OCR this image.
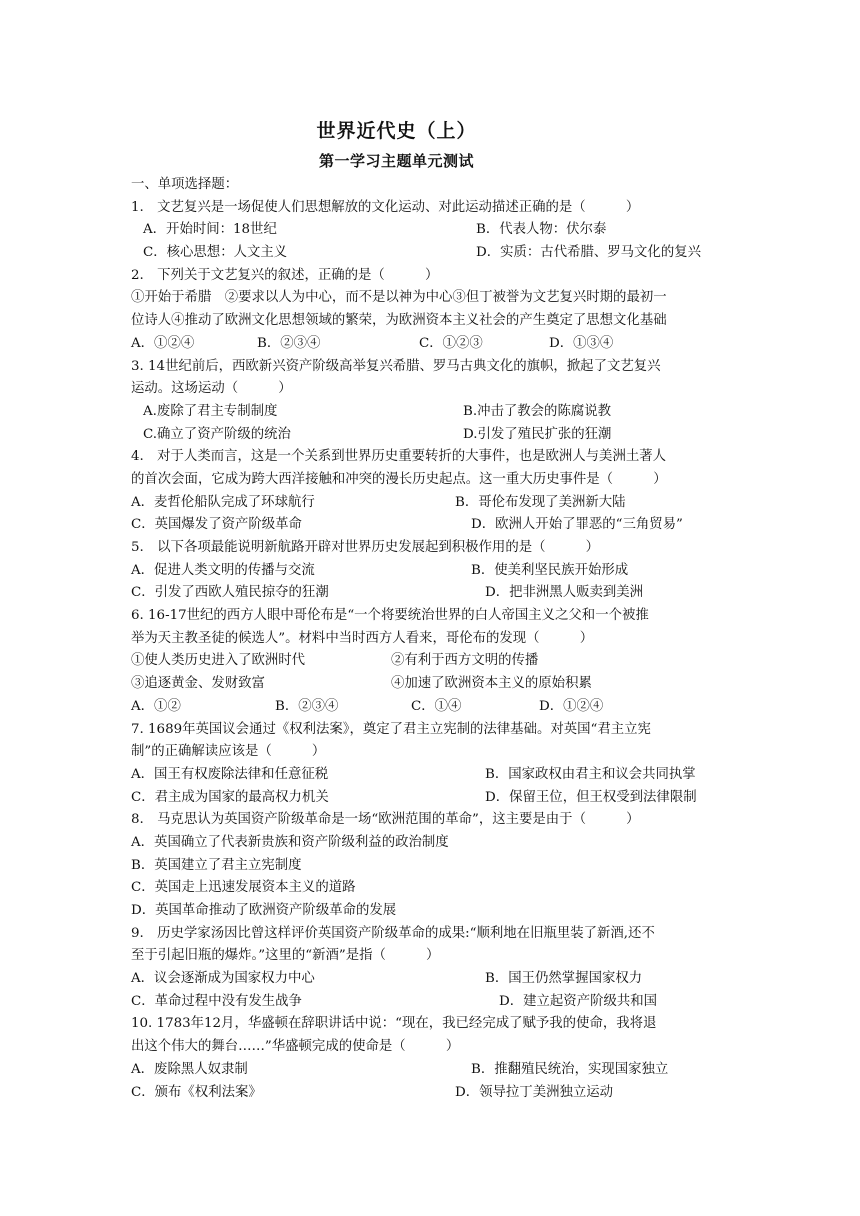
世界近代史（上）
第一学习主题单元测试
一、单项选择题：
1.　文艺复兴是一场促使人们思想解放的文化运动、对此运动描述正确的是（　　　）
A．开始时间：18世纪	B．代表人物：伏尔泰
C．核心思想：人文主义	D．实质：古代希腊、罗马文化的复兴
2.　下列关于文艺复兴的叙述，正确的是（　　　）
①开始于希腊　②要求以人为中心，而不是以神为中心③但丁被誉为文艺复兴时期的最初一
位诗人④推动了欧洲文化思想领域的繁荣，为欧洲资本主义社会的产生奠定了思想文化基础
A．①②④	B．②③④	C．①②③	D．①③④
3. 14世纪前后，西欧新兴资产阶级高举复兴希腊、罗马古典文化的旗帜，掀起了文艺复兴
运动。这场运动（　　　）
A.废除了君主专制制度	B.冲击了教会的陈腐说教
C.确立了资产阶级的统治	D.引发了殖民扩张的狂潮
4.　对于人类而言，这是一个关系到世界历史重要转折的大事件，也是欧洲人与美洲土著人
的首次会面，它成为跨大西洋接触和冲突的漫长历史起点。这一重大历史事件是（　　　）
A．麦哲伦船队完成了环球航行	B．哥伦布发现了美洲新大陆
C．英国爆发了资产阶级革命	D．欧洲人开始了罪恶的“三角贸易”
5.　以下各项最能说明新航路开辟对世界历史发展起到积极作用的是（　　　）
A．促进人类文明的传播与交流	B．使美利坚民族开始形成
C．引发了西欧人殖民掠夺的狂潮	D．把非洲黑人贩卖到美洲
6. 16-17世纪的西方人眼中哥伦布是“一个将要统治世界的白人帝国主义之父和一个被推
举为天主教圣徒的候选人”。材料中当时西方人看来，哥伦布的发现（　　　）
①使人类历史进入了欧洲时代	②有利于西方文明的传播
③追逐黄金、发财致富	④加速了欧洲资本主义的原始积累
A．①②	B．②③④	C．①④	D．①②④
7. 1689年英国议会通过《权利法案》，奠定了君主立宪制的法律基础。对英国“君主立宪
制”的正确解读应该是（　　　）
A．国王有权废除法律和任意征税	B．国家政权由君主和议会共同执掌
C．君主成为国家的最高权力机关	D．保留王位，但王权受到法律限制
8.　马克思认为英国资产阶级革命是一场“欧洲范围的革命”，这主要是由于（　　　）
A．英国确立了代表新贵族和资产阶级利益的政治制度
B．英国建立了君主立宪制度
C．英国走上迅速发展资本主义的道路
D．英国革命推动了欧洲资产阶级革命的发展
9.　历史学家汤因比曾这样评价英国资产阶级革命的成果:“顺利地在旧瓶里装了新酒,还不
至于引起旧瓶的爆炸。”这里的“新酒”是指（　　　）
A．议会逐渐成为国家权力中心	B．国王仍然掌握国家权力
C．革命过程中没有发生战争	D．建立起资产阶级共和国
10. 1783年12月，华盛顿在辞职讲话中说：“现在，我已经完成了赋予我的使命，我将退
出这个伟大的舞台……”华盛顿完成的使命是（　　　）
A．废除黑人奴隶制	B．推翻殖民统治，实现国家独立
C．颁布《权利法案》	D．领导拉丁美洲独立运动
